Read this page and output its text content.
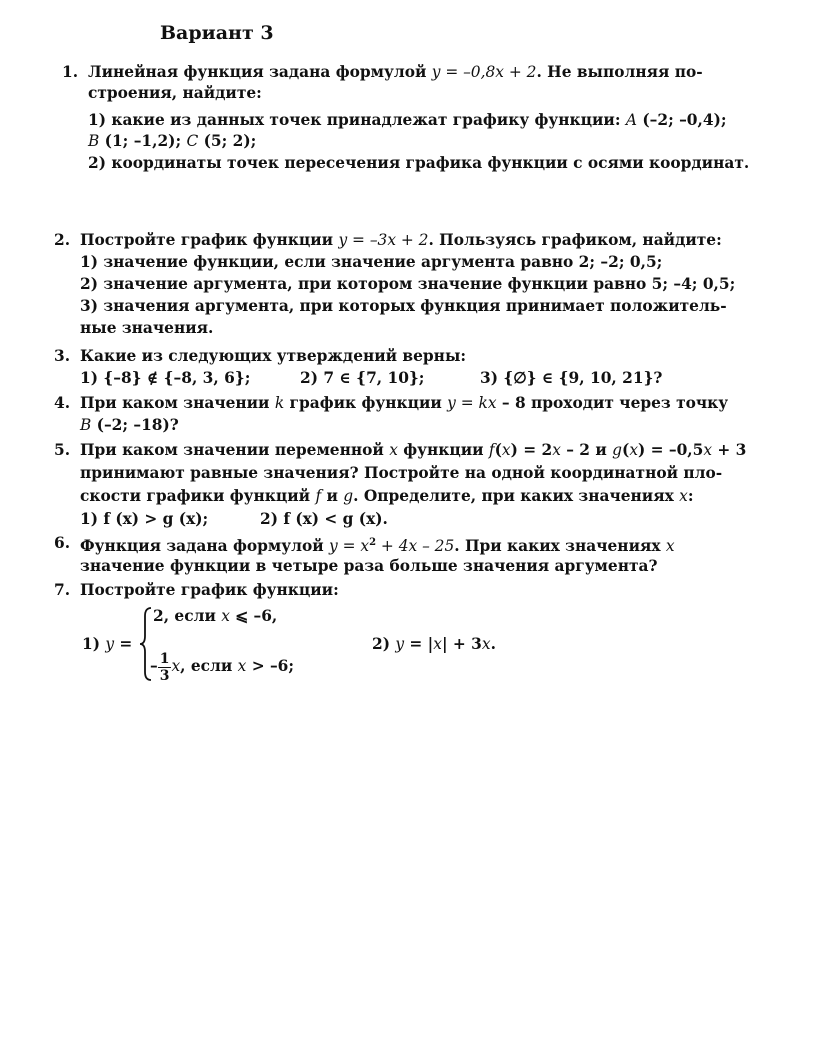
Вариант 3
1. Линейная функция задана формулой y = –0,8x + 2. Не выполняя по-
строения, найдите:
1) какие из данных точек принадлежат графику функции: A (–2; –0,4);
B (1; –1,2); C (5; 2);
2) координаты точек пересечения графика функции с осями координат.
2. Постройте график функции y = –3x + 2. Пользуясь графиком, найдите:
1) значение функции, если значение аргумента равно 2; –2; 0,5;
2) значение аргумента, при котором значение функции равно 5; –4; 0,5;
3) значения аргумента, при которых функция принимает положитель-
ные значения.
3. Какие из следующих утверждений верны:
1) {–8} ∉ {–8, 3, 6};	2) 7 ∈ {7, 10};	3) {∅} ∈ {9, 10, 21}?
4. При каком значении k график функции y = kx – 8 проходит через точку
B (–2; –18)?
5. При каком значении переменной x функции f(x) = 2x – 2 и g(x) = –0,5x + 3
принимают равные значения? Постройте на одной координатной пло-
скости графики функций f и g. Определите, при каких значениях x:
1) f (x) > g (x);	2) f (x) < g (x).
6. Функция задана формулой $y = x^2 + 4x - 25$. При каких значениях x
значение функции в четыре раза больше значения аргумента?
7. Постройте график функции:
1) y =
2, если x ⩽ –6,
– $\frac{1}{3} x$, если x > –6;
2) y = |x| + 3x.
